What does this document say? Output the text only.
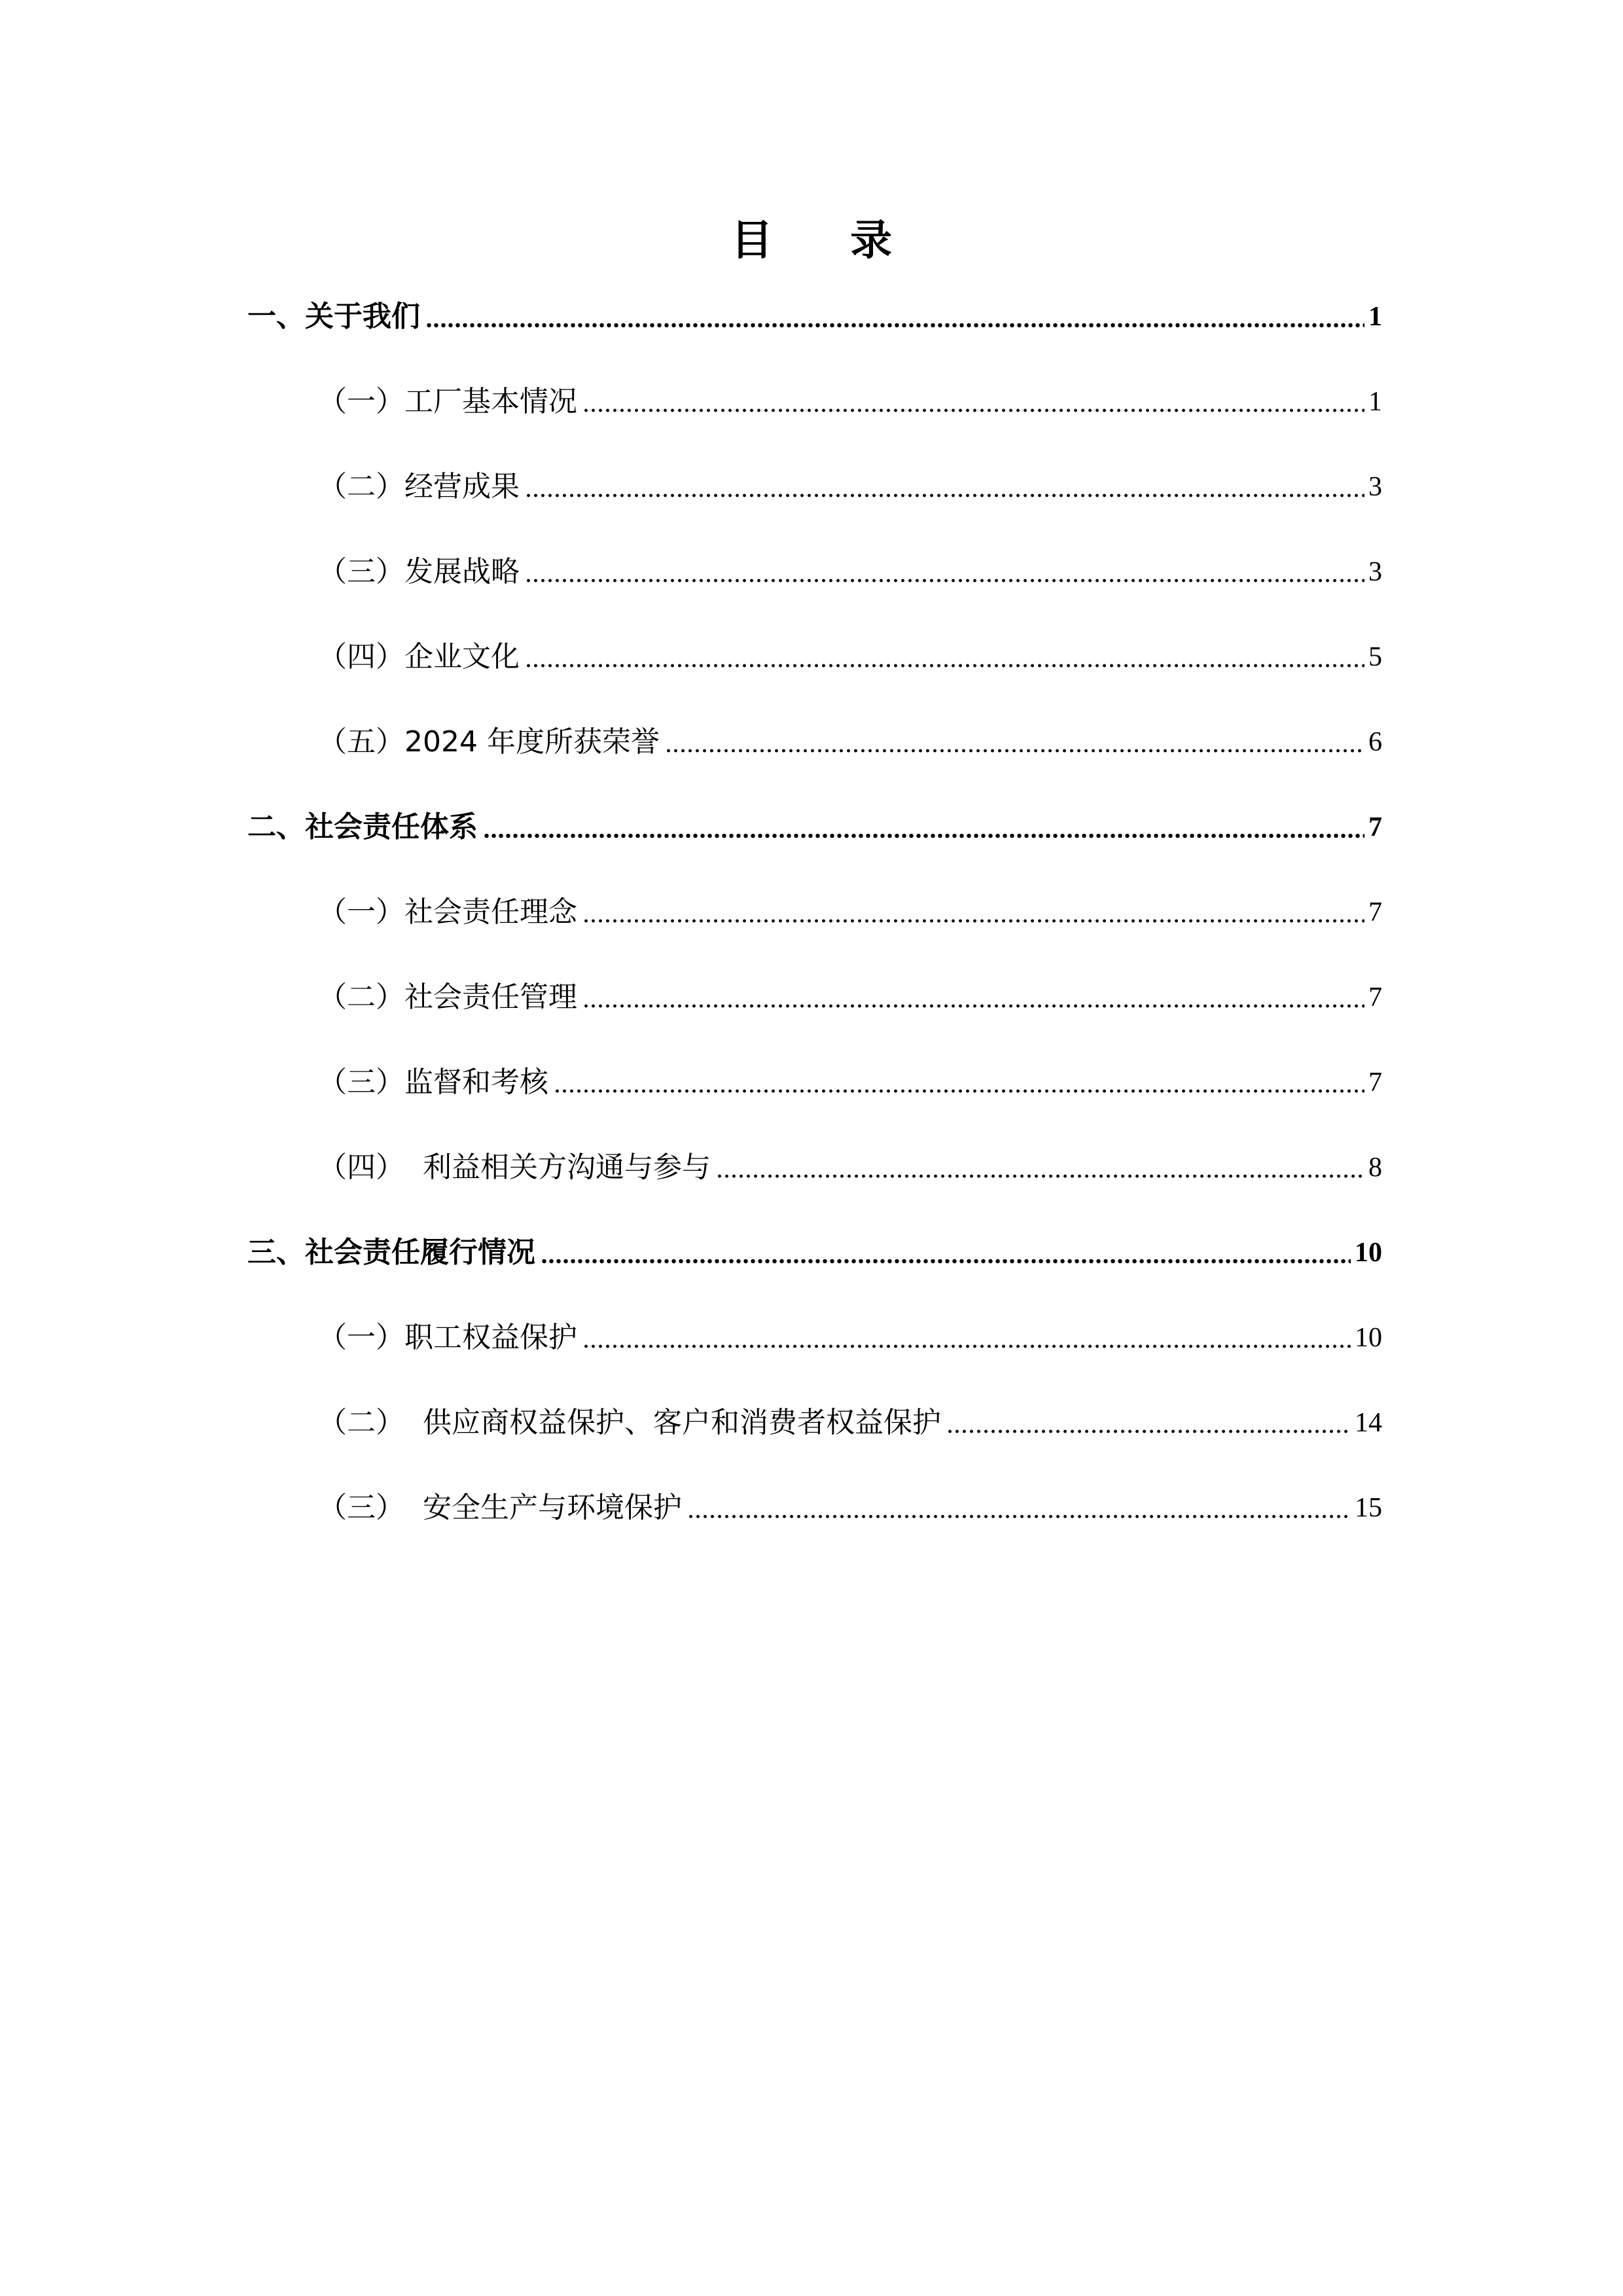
目 录
一、关于我们	1
（一）工厂基本情况	1
（二）经营成果	3
（三）发展战略	3
（四）企业文化	5
（五）2024 年度所获荣誉	6
二、社会责任体系	7
（一）社会责任理念	7
（二）社会责任管理	7
（三）监督和考核	7
（四）  利益相关方沟通与参与	8
三、社会责任履行情况	10
（一）职工权益保护	10
（二）  供应商权益保护、客户和消费者权益保护	14
（三）  安全生产与环境保护	15
